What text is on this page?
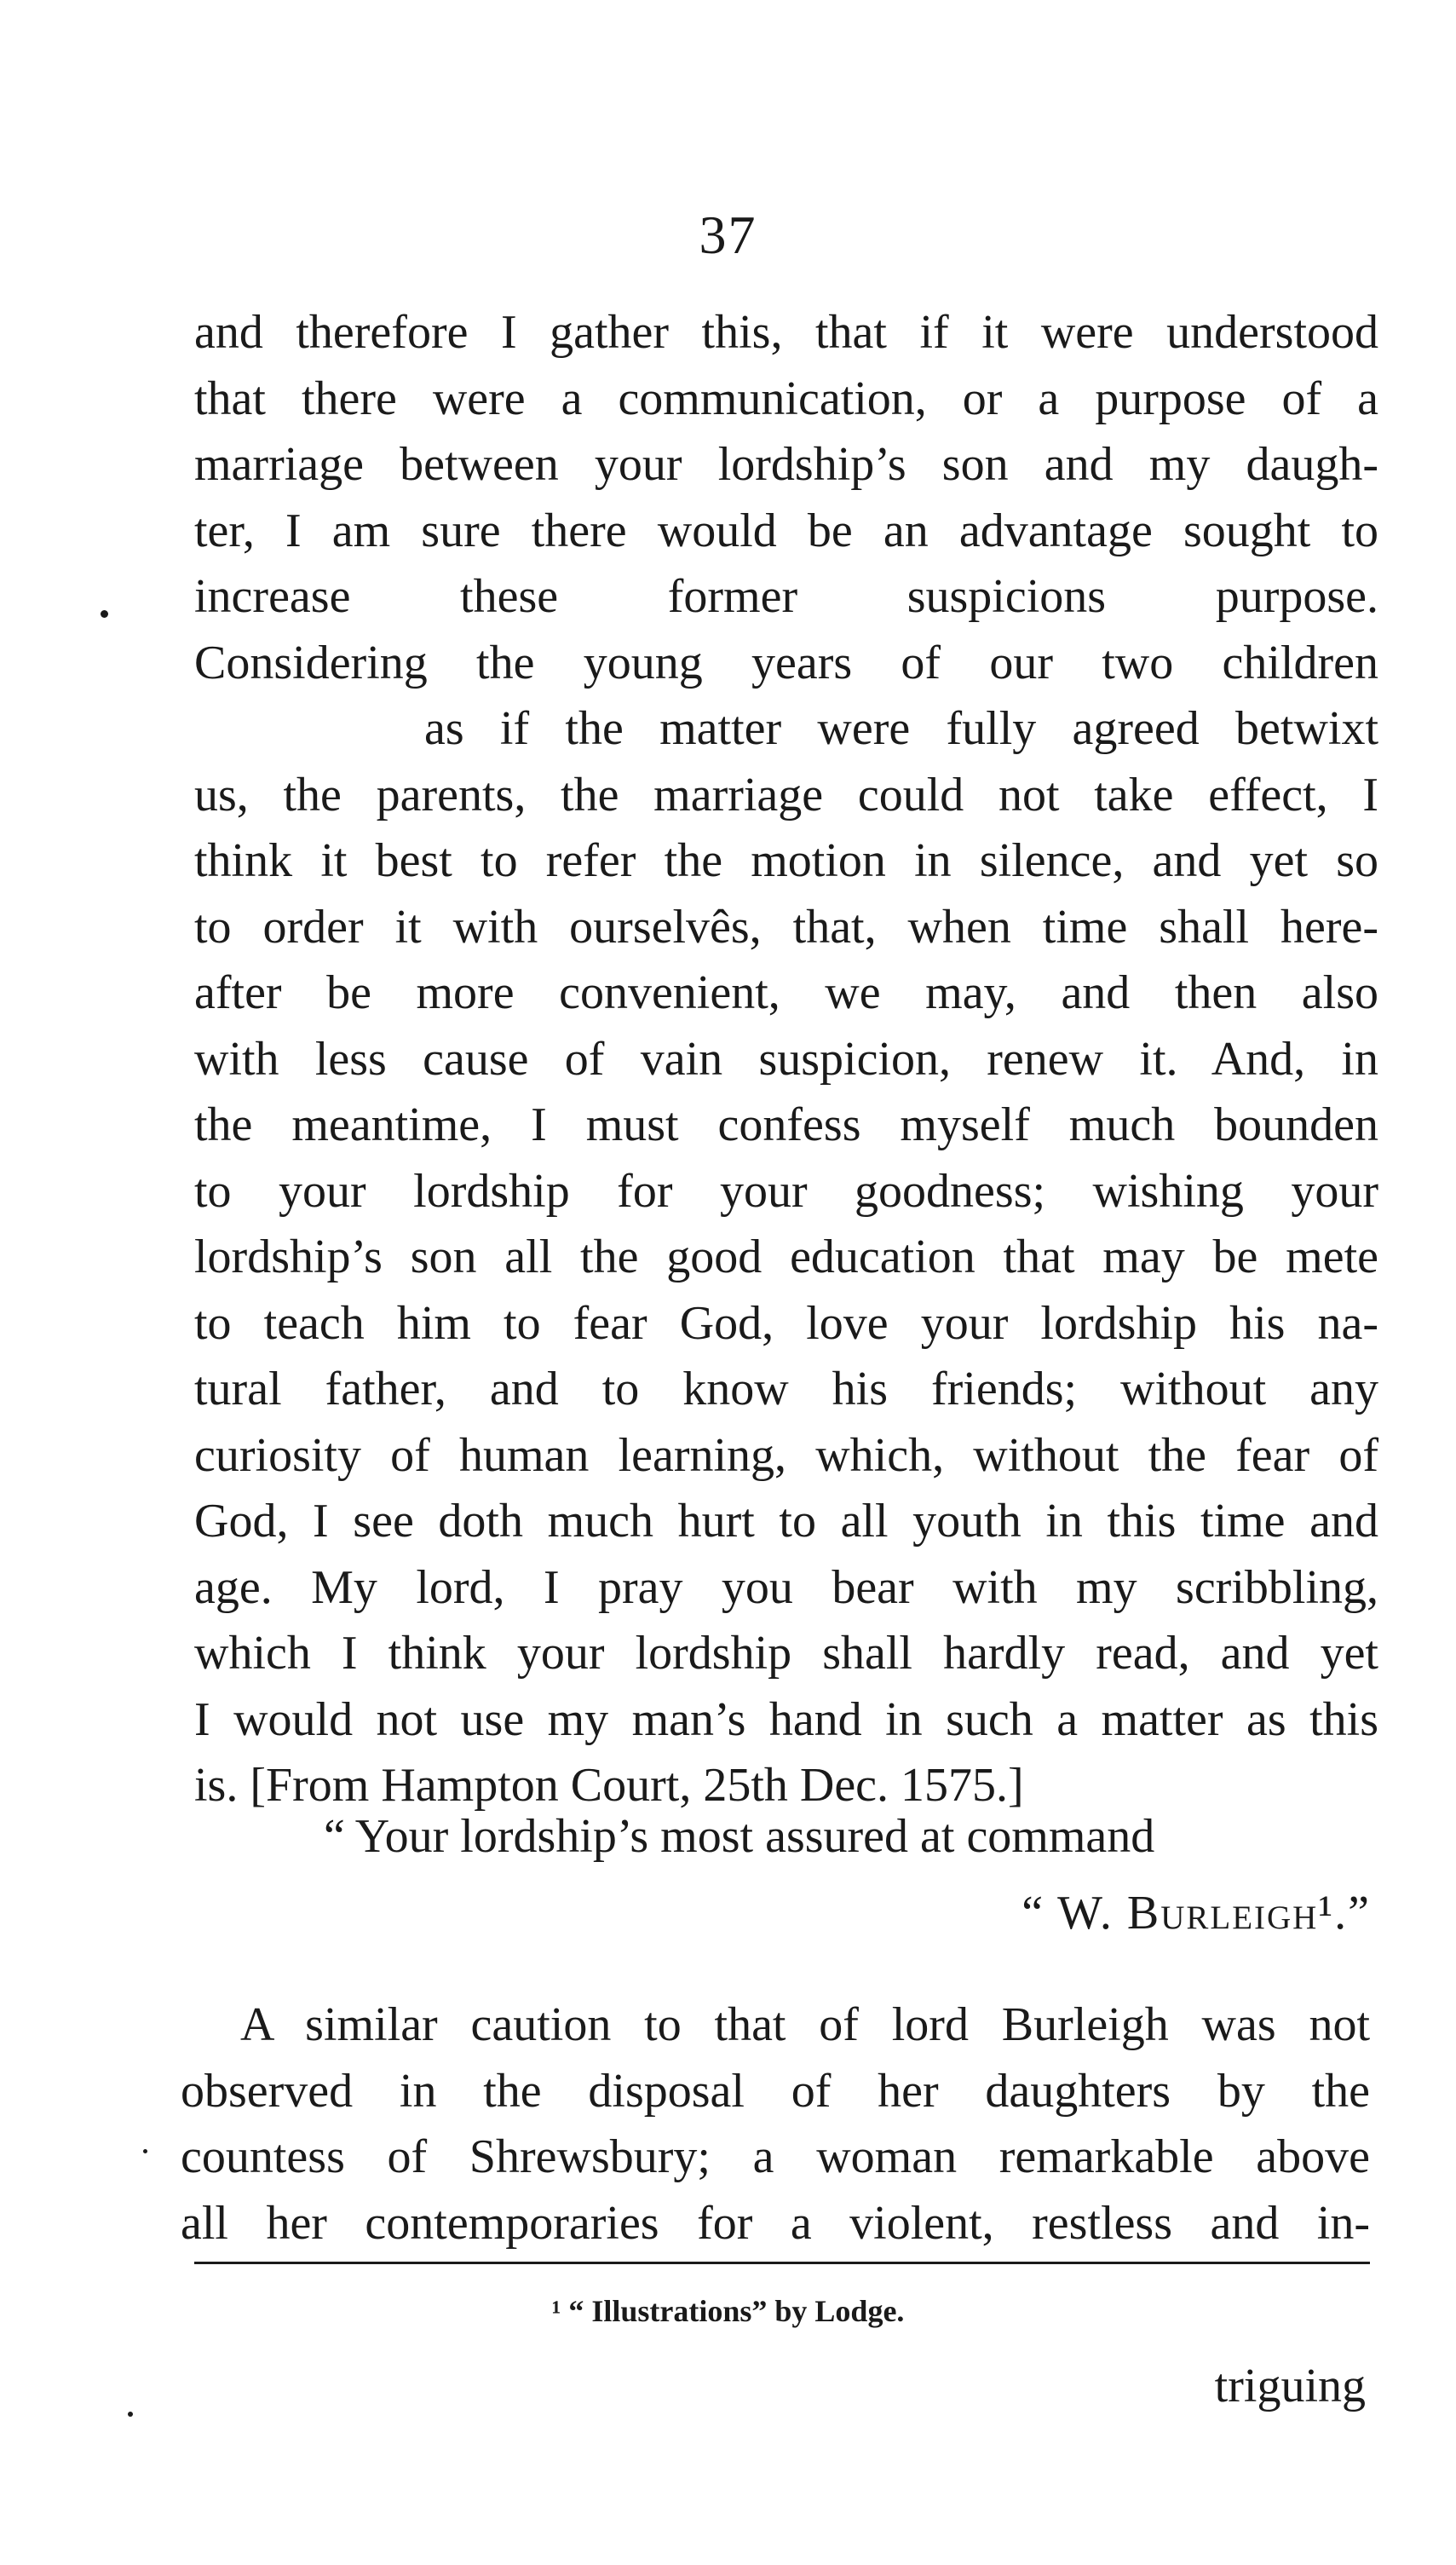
37
and therefore I gather this, that if it were understood
that there were a communication, or a purpose of a
marriage between your lordship’s son and my daugh-
ter, I am sure there would be an advantage sought to
increase these former suspicions purpose.
Considering the young years of our two children
as if the matter were fully agreed betwixt
us, the parents, the marriage could not take effect, I
think it best to refer the motion in silence, and yet so
to order it with ourselvês, that, when time shall here-
after be more convenient, we may, and then also
with less cause of vain suspicion, renew it. And, in
the meantime, I must confess myself much bounden
to your lordship for your goodness; wishing your
lordship’s son all the good education that may be mete
to teach him to fear God, love your lordship his na-
tural father, and to know his friends; without any
curiosity of human learning, which, without the fear of
God, I see doth much hurt to all youth in this time and
age. My lord, I pray you bear with my scribbling,
which I think your lordship shall hardly read, and yet
I would not use my man’s hand in such a matter as this
is. [From Hampton Court, 25th Dec. 1575.]
“ Your lordship’s most assured at command
“ W. Burleigh¹.”
A similar caution to that of lord Burleigh was not
observed in the disposal of her daughters by the
countess of Shrewsbury; a woman remarkable above
all her contemporaries for a violent, restless and in-
¹ “ Illustrations” by Lodge.
triguing
